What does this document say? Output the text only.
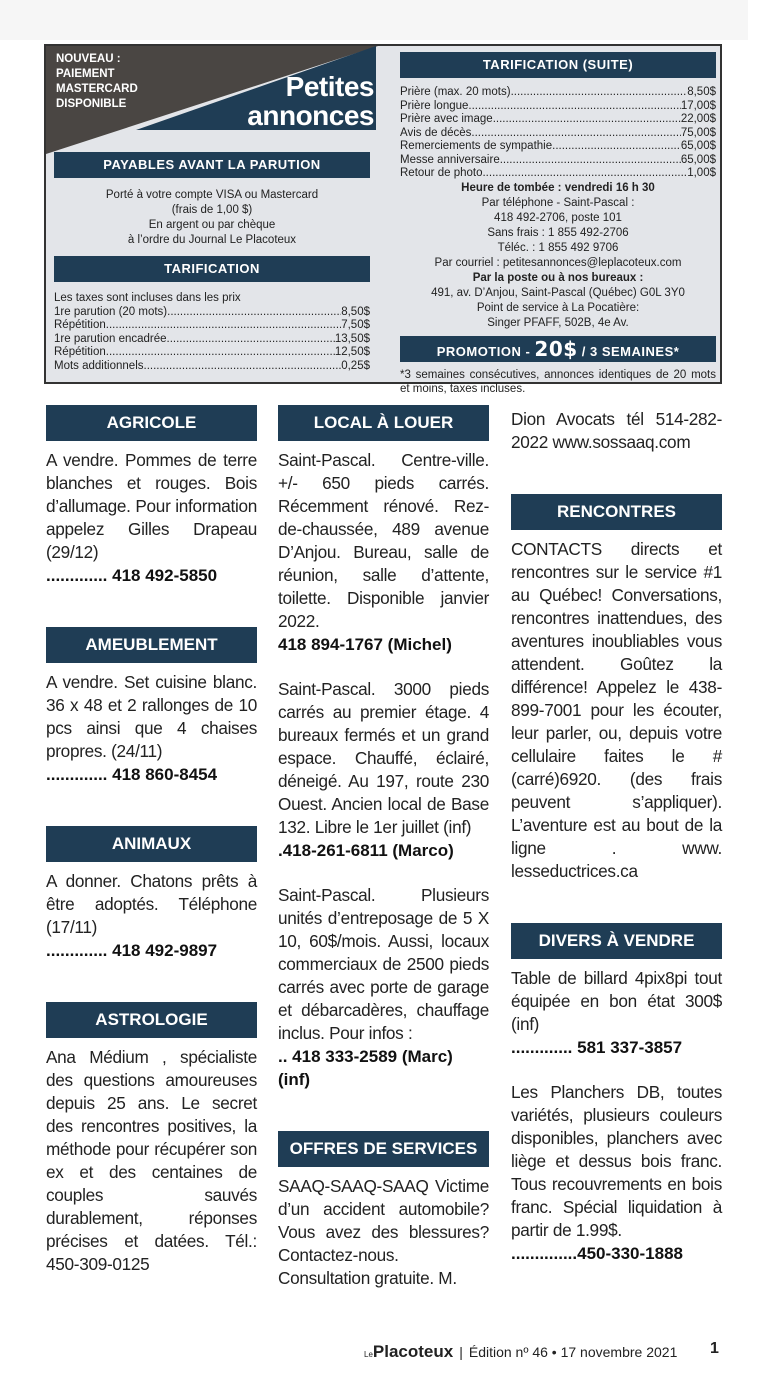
NOUVEAU :
PAIEMENT
MASTERCARD
DISPONIBLE
Petites
annonces
PAYABLES AVANT LA PARUTION
Porté à votre compte VISA ou Mastercard
(frais de 1,00 $)
En argent ou par chèque
à l’ordre du Journal Le Placoteux
TARIFICATION
Les taxes sont incluses dans les prix
1re parution (20 mots) .....	8,50$
Répétition .....	7,50$
1re parution encadrée .....	13,50$
Répétition .....	12,50$
Mots additionnels .....	0,25$
TARIFICATION (SUITE)
Prière (max. 20 mots) .....	8,50$
Prière longue .....	17,00$
Prière avec image .....	22,00$
Avis de décès .....	75,00$
Remerciements de sympathie .....	65,00$
Messe anniversaire .....	65,00$
Retour de photo .....	1,00$
Heure de tombée : vendredi 16 h 30
Par téléphone - Saint-Pascal :
418 492-2706, poste 101
Sans frais : 1 855 492-2706
Téléc. : 1 855 492 9706
Par courriel : petitesannonces@leplacoteux.com
Par la poste ou à nos bureaux :
491, av. D’Anjou, Saint-Pascal (Québec) G0L 3Y0
Point de service à La Pocatière:
Singer PFAFF, 502B, 4e Av.
PROMOTION - 20$ / 3 SEMAINES*
*3 semaines consécutives, annonces identiques de 20 mots et moins, taxes incluses.
AGRICOLE
A vendre. Pommes de terre blanches et rouges. Bois d’allumage. Pour information appelez Gilles Drapeau (29/12)
............. 418 492-5850
AMEUBLEMENT
A vendre. Set cuisine blanc. 36 x 48 et 2 rallonges de 10 pcs ainsi que 4 chaises propres. (24/11)
............. 418 860-8454
ANIMAUX
A donner. Chatons prêts à être adoptés. Téléphone (17/11)
............. 418 492-9897
ASTROLOGIE
Ana Médium , spécialiste des questions amoureuses depuis 25 ans. Le secret des rencontres positives, la méthode pour récupérer son ex et des centaines de couples sauvés durablement, réponses précises et datées. Tél.: 450-309-0125
LOCAL À LOUER
Saint-Pascal. Centre-ville. +/- 650 pieds carrés. Récemment rénové. Rez-de-chaussée, 489 avenue D’Anjou. Bureau, salle de réunion, salle d’attente, toilette. Disponible janvier 2022.
418 894-1767 (Michel)
Saint-Pascal. 3000 pieds carrés au premier étage. 4 bureaux fermés et un grand espace. Chauffé, éclairé, déneigé. Au 197, route 230 Ouest. Ancien local de Base 132. Libre le 1er juillet (inf)
.418-261-6811 (Marco)
Saint-Pascal. Plusieurs unités d’entreposage de 5 X 10, 60$/mois. Aussi, locaux commerciaux de 2500 pieds carrés avec porte de garage et débarcadères, chauffage inclus. Pour infos :
.. 418 333-2589 (Marc) (inf)
OFFRES DE SERVICES
SAAQ-SAAQ-SAAQ Victime d’un accident automobile? Vous avez des blessures? Contactez-nous. Consultation gratuite. M.
Dion Avocats tél 514-282-2022 www.sossaaq.com
RENCONTRES
CONTACTS directs et rencontres sur le service #1 au Québec! Conversations, rencontres inattendues, des aventures inoubliables vous attendent. Goûtez la différence! Appelez le 438-899-7001 pour les écouter, leur parler, ou, depuis votre cellulaire faites le #(carré)6920. (des frais peuvent s’appliquer). L’aventure est au bout de la ligne . www. lesseductrices.ca
DIVERS À VENDRE
Table de billard 4pix8pi tout équipée en bon état 300$ (inf)
............. 581 337-3857
Les Planchers DB, toutes variétés, plusieurs couleurs disponibles, planchers avec liège et dessus bois franc. Tous recouvrements en bois franc. Spécial liquidation à partir de 1.99$.
..............450-330-1888
LePlacoteux | Édition nº 46 • 17 novembre 2021 1
